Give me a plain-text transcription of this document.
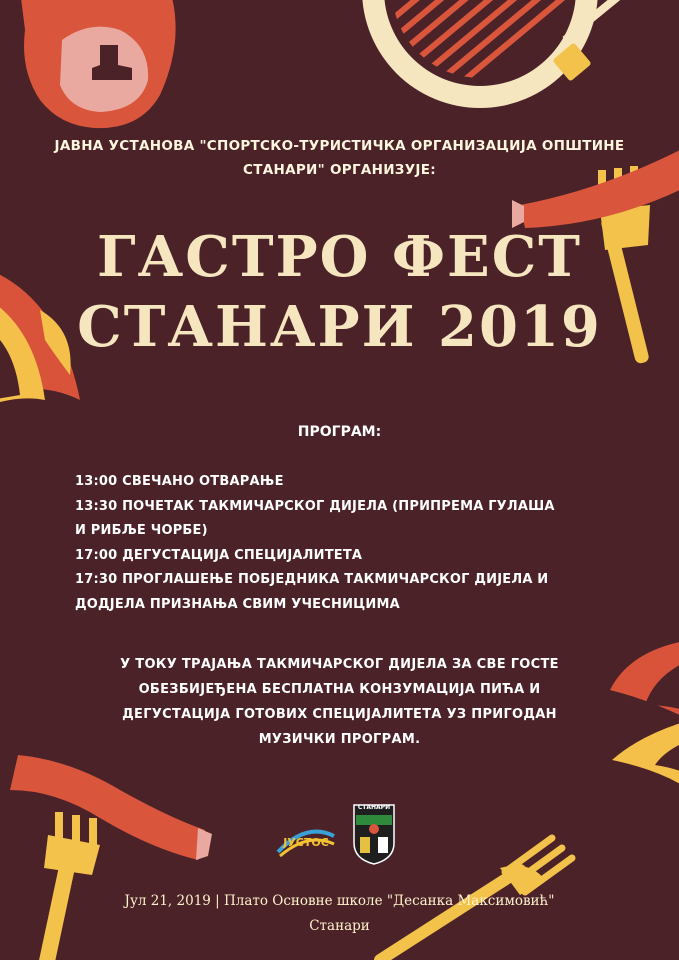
ЈАВНА УСТАНОВА "СПОРТСКО-ТУРИСТИЧКА ОРГАНИЗАЦИЈА ОПШТИНЕ
СТАНАРИ" ОРГАНИЗУЈЕ:
ГАСТРО ФЕСТ
СТАНАРИ 2019
ПРОГРАМ:
13:00 СВЕЧАНО ОТВАРАЊЕ
13:30 ПОЧЕТАК ТАКМИЧАРСКОГ ДИЈЕЛА (ПРИПРЕМА ГУЛАША
И РИБЉЕ ЧОРБЕ)
17:00 ДЕГУСТАЦИЈА СПЕЦИЈАЛИТЕТА
17:30 ПРОГЛАШЕЊЕ ПОБЈЕДНИКА ТАКМИЧАРСКОГ ДИЈЕЛА И
ДОДЈЕЛА ПРИЗНАЊА СВИМ УЧЕСНИЦИМА
У ТОКУ ТРАЈАЊА ТАКМИЧАРСКОГ ДИЈЕЛА ЗА СВЕ ГОСТЕ
ОБЕЗБИЈЕЂЕНА БЕСПЛАТНА КОНЗУМАЦИЈА ПИЋА И
ДЕГУСТАЦИЈА ГОТОВИХ СПЕЦИЈАЛИТЕТА УЗ ПРИГОДАН
МУЗИЧКИ ПРОГРАМ.
ЈУСТОС
СТАНАРИ
Јул 21, 2019 | Плато Основне школе "Десанка Максимовић"
Станари
